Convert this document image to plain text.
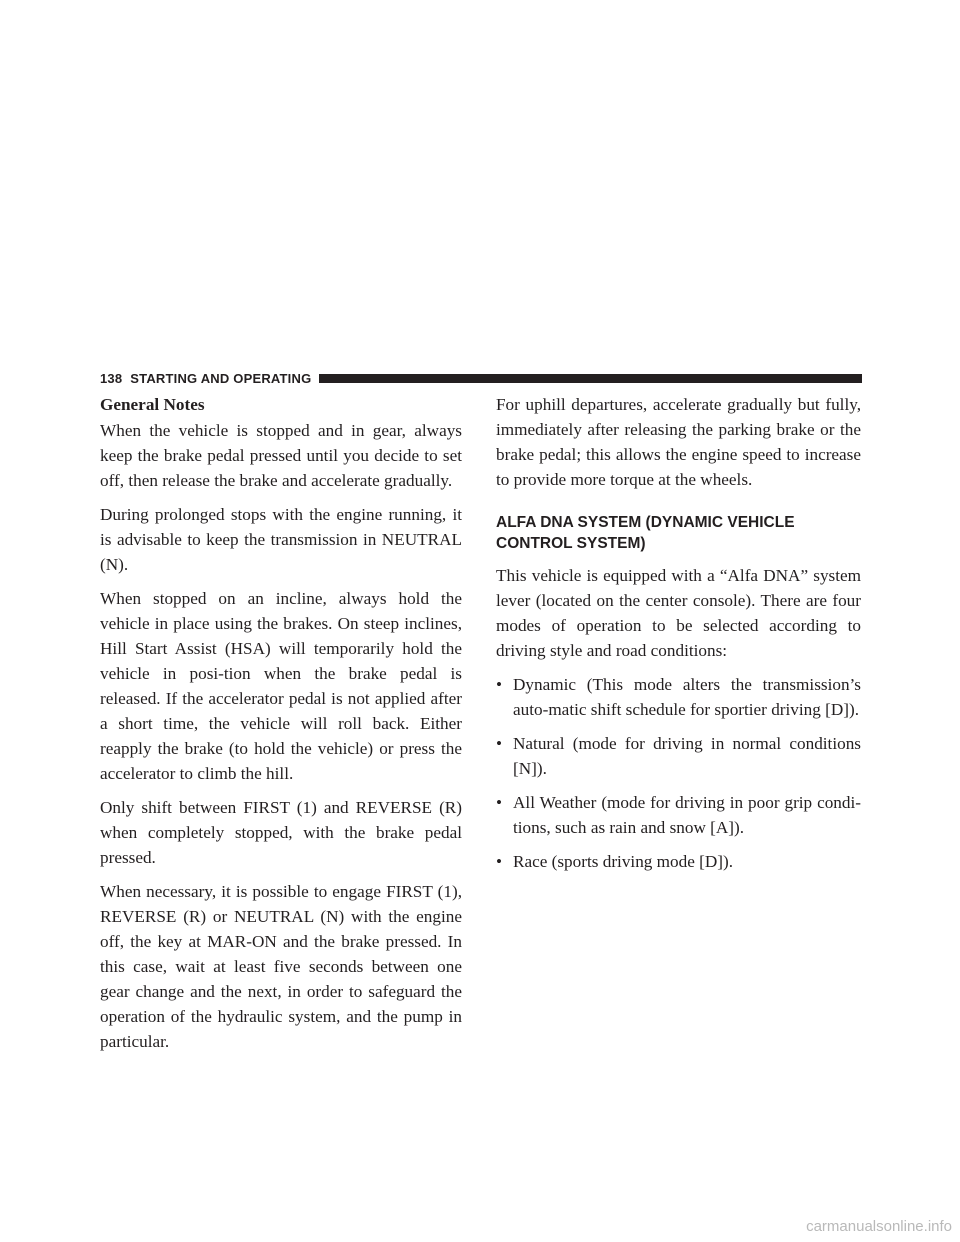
138 STARTING AND OPERATING
General Notes

When the vehicle is stopped and in gear, always keep the brake pedal pressed until you decide to set off, then release the brake and accelerate gradually.

During prolonged stops with the engine running, it is advisable to keep the transmission in NEUTRAL (N).

When stopped on an incline, always hold the vehicle in place using the brakes. On steep inclines, Hill Start Assist (HSA) will temporarily hold the vehicle in posi-tion when the brake pedal is released. If the accelerator pedal is not applied after a short time, the vehicle will roll back. Either reapply the brake (to hold the vehicle) or press the accelerator to climb the hill.

Only shift between FIRST (1) and REVERSE (R) when completely stopped, with the brake pedal pressed.

When necessary, it is possible to engage FIRST (1), REVERSE (R) or NEUTRAL (N) with the engine off, the key at MAR-ON and the brake pressed. In this case, wait at least five seconds between one gear change and the next, in order to safeguard the operation of the hydraulic system, and the pump in particular.

For uphill departures, accelerate gradually but fully, immediately after releasing the parking brake or the brake pedal; this allows the engine speed to increase to provide more torque at the wheels.

ALFA DNA SYSTEM (DYNAMIC VEHICLE CONTROL SYSTEM)

This vehicle is equipped with a “Alfa DNA” system lever (located on the center console). There are four modes of operation to be selected according to driving style and road conditions:

• Dynamic (This mode alters the transmission’s auto-matic shift schedule for sportier driving [D]).
• Natural (mode for driving in normal conditions [N]).
• All Weather (mode for driving in poor grip condi-tions, such as rain and snow [A]).
• Race (sports driving mode [D]).
carmanualsonline.info
